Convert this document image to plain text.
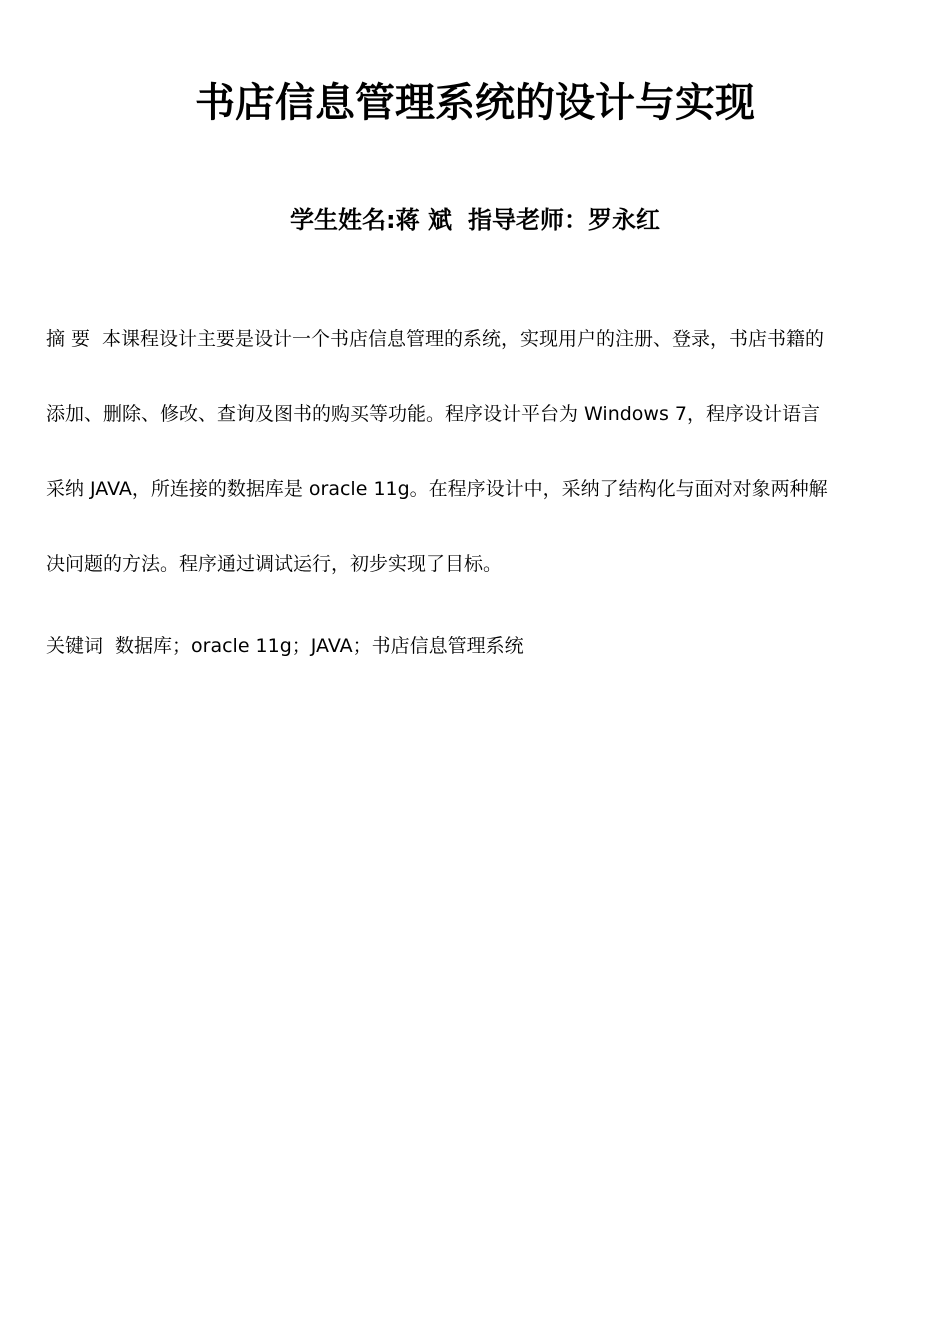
书店信息管理系统的设计与实现
学生姓名:蒋 斌 指导老师：罗永红
摘 要 本课程设计主要是设计一个书店信息管理的系统，实现用户的注册、登录，书店书籍的
添加、删除、修改、查询及图书的购买等功能。程序设计平台为 Windows 7，程序设计语言
采纳 JAVA，所连接的数据库是 oracle 11g。在程序设计中，采纳了结构化与面对对象两种解
决问题的方法。程序通过调试运行，初步实现了目标。
关键词 数据库；oracle 11g；JAVA；书店信息管理系统
